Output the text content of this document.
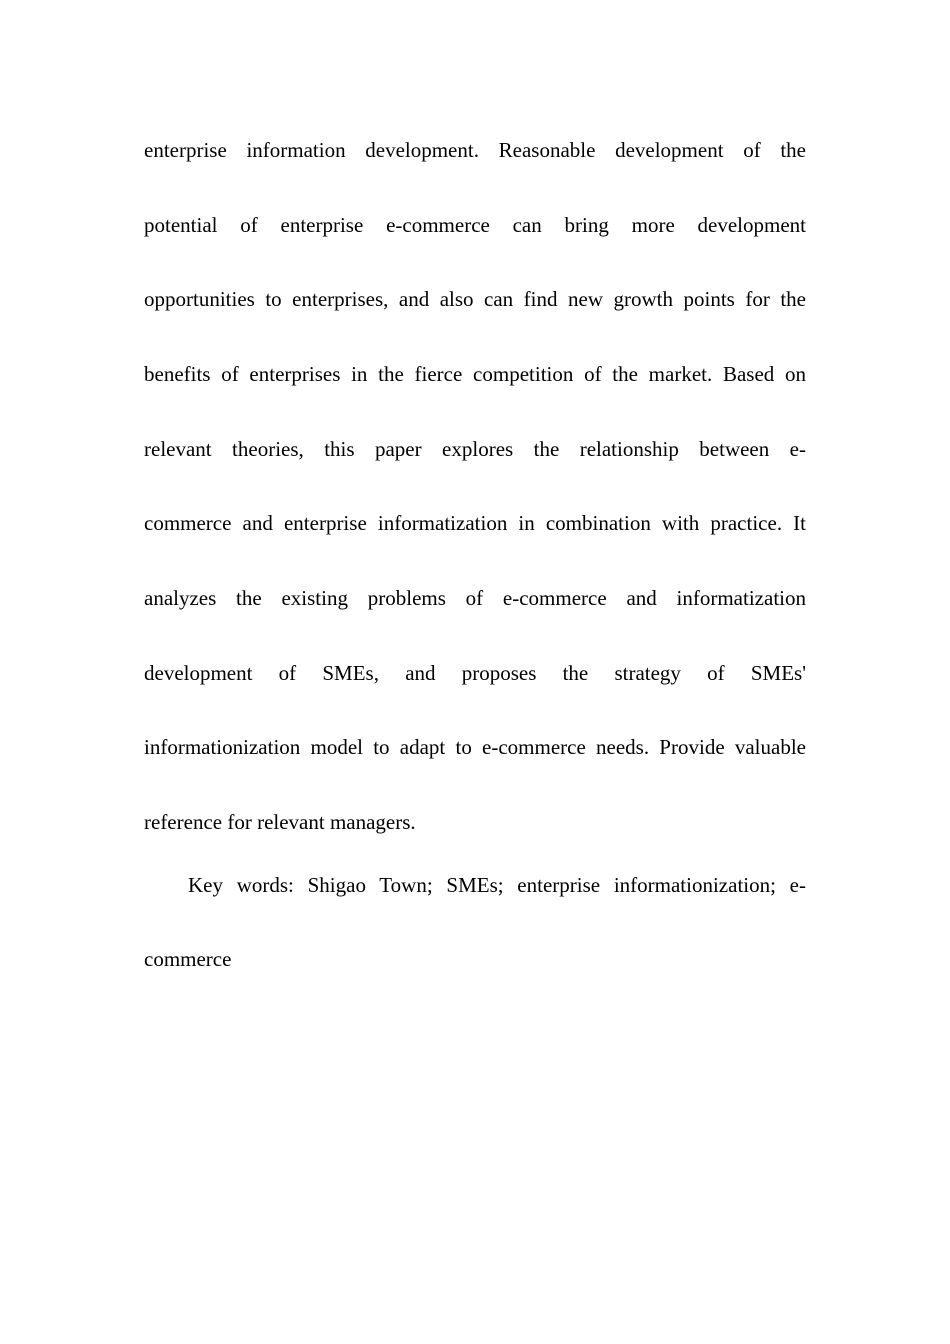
enterprise information development. Reasonable development of the
potential of enterprise e-commerce can bring more development
opportunities to enterprises, and also can find new growth points for the
benefits of enterprises in the fierce competition of the market. Based on
relevant theories, this paper explores the relationship between e-
commerce and enterprise informatization in combination with practice. It
analyzes the existing problems of e-commerce and informatization
development of SMEs, and proposes the strategy of SMEs'
informationization model to adapt to e-commerce needs. Provide valuable
reference for relevant managers.
Key words: Shigao Town; SMEs; enterprise informationization; e-
commerce
